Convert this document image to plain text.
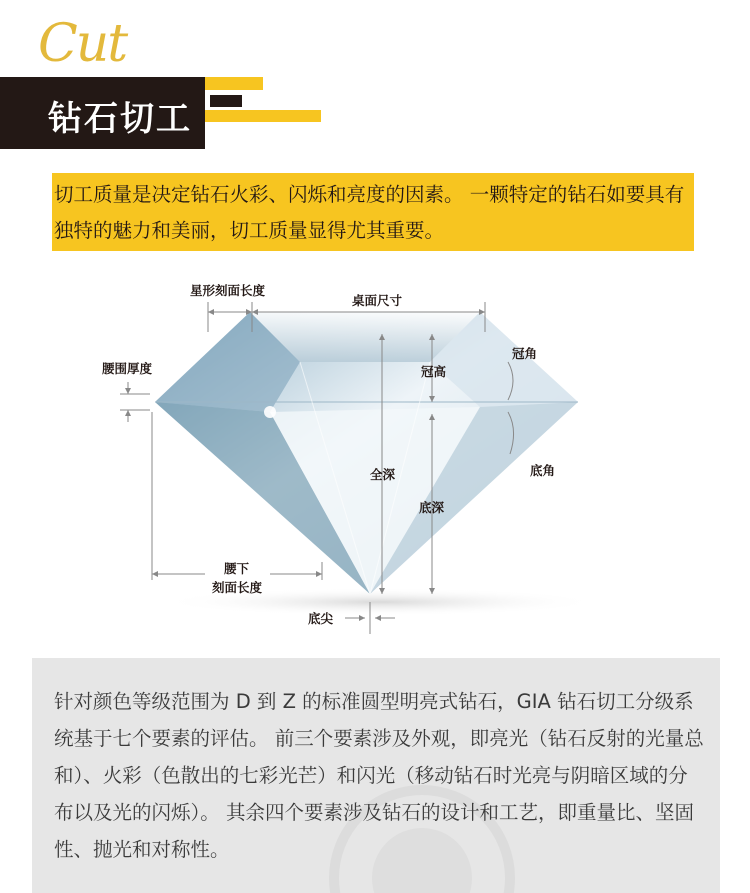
Cut
钻石切工
切工质量是决定钻石火彩、闪烁和亮度的因素。 一颗特定的钻石如要具有独特的魅力和美丽，切工质量显得尤其重要。
星形刻面长度
桌面尺寸
冠角
腰围厚度	冠高
全深	底角
底深
腰下
刻面长度
底尖
针对颜色等级范围为 D 到 Z 的标准圆型明亮式钻石，GIA 钻石切工分级系统基于七个要素的评估。 前三个要素涉及外观，即亮光（钻石反射的光量总和）、火彩（色散出的七彩光芒）和闪光（移动钻石时光亮与阴暗区域的分布以及光的闪烁）。 其余四个要素涉及钻石的设计和工艺，即重量比、坚固性、抛光和对称性。
